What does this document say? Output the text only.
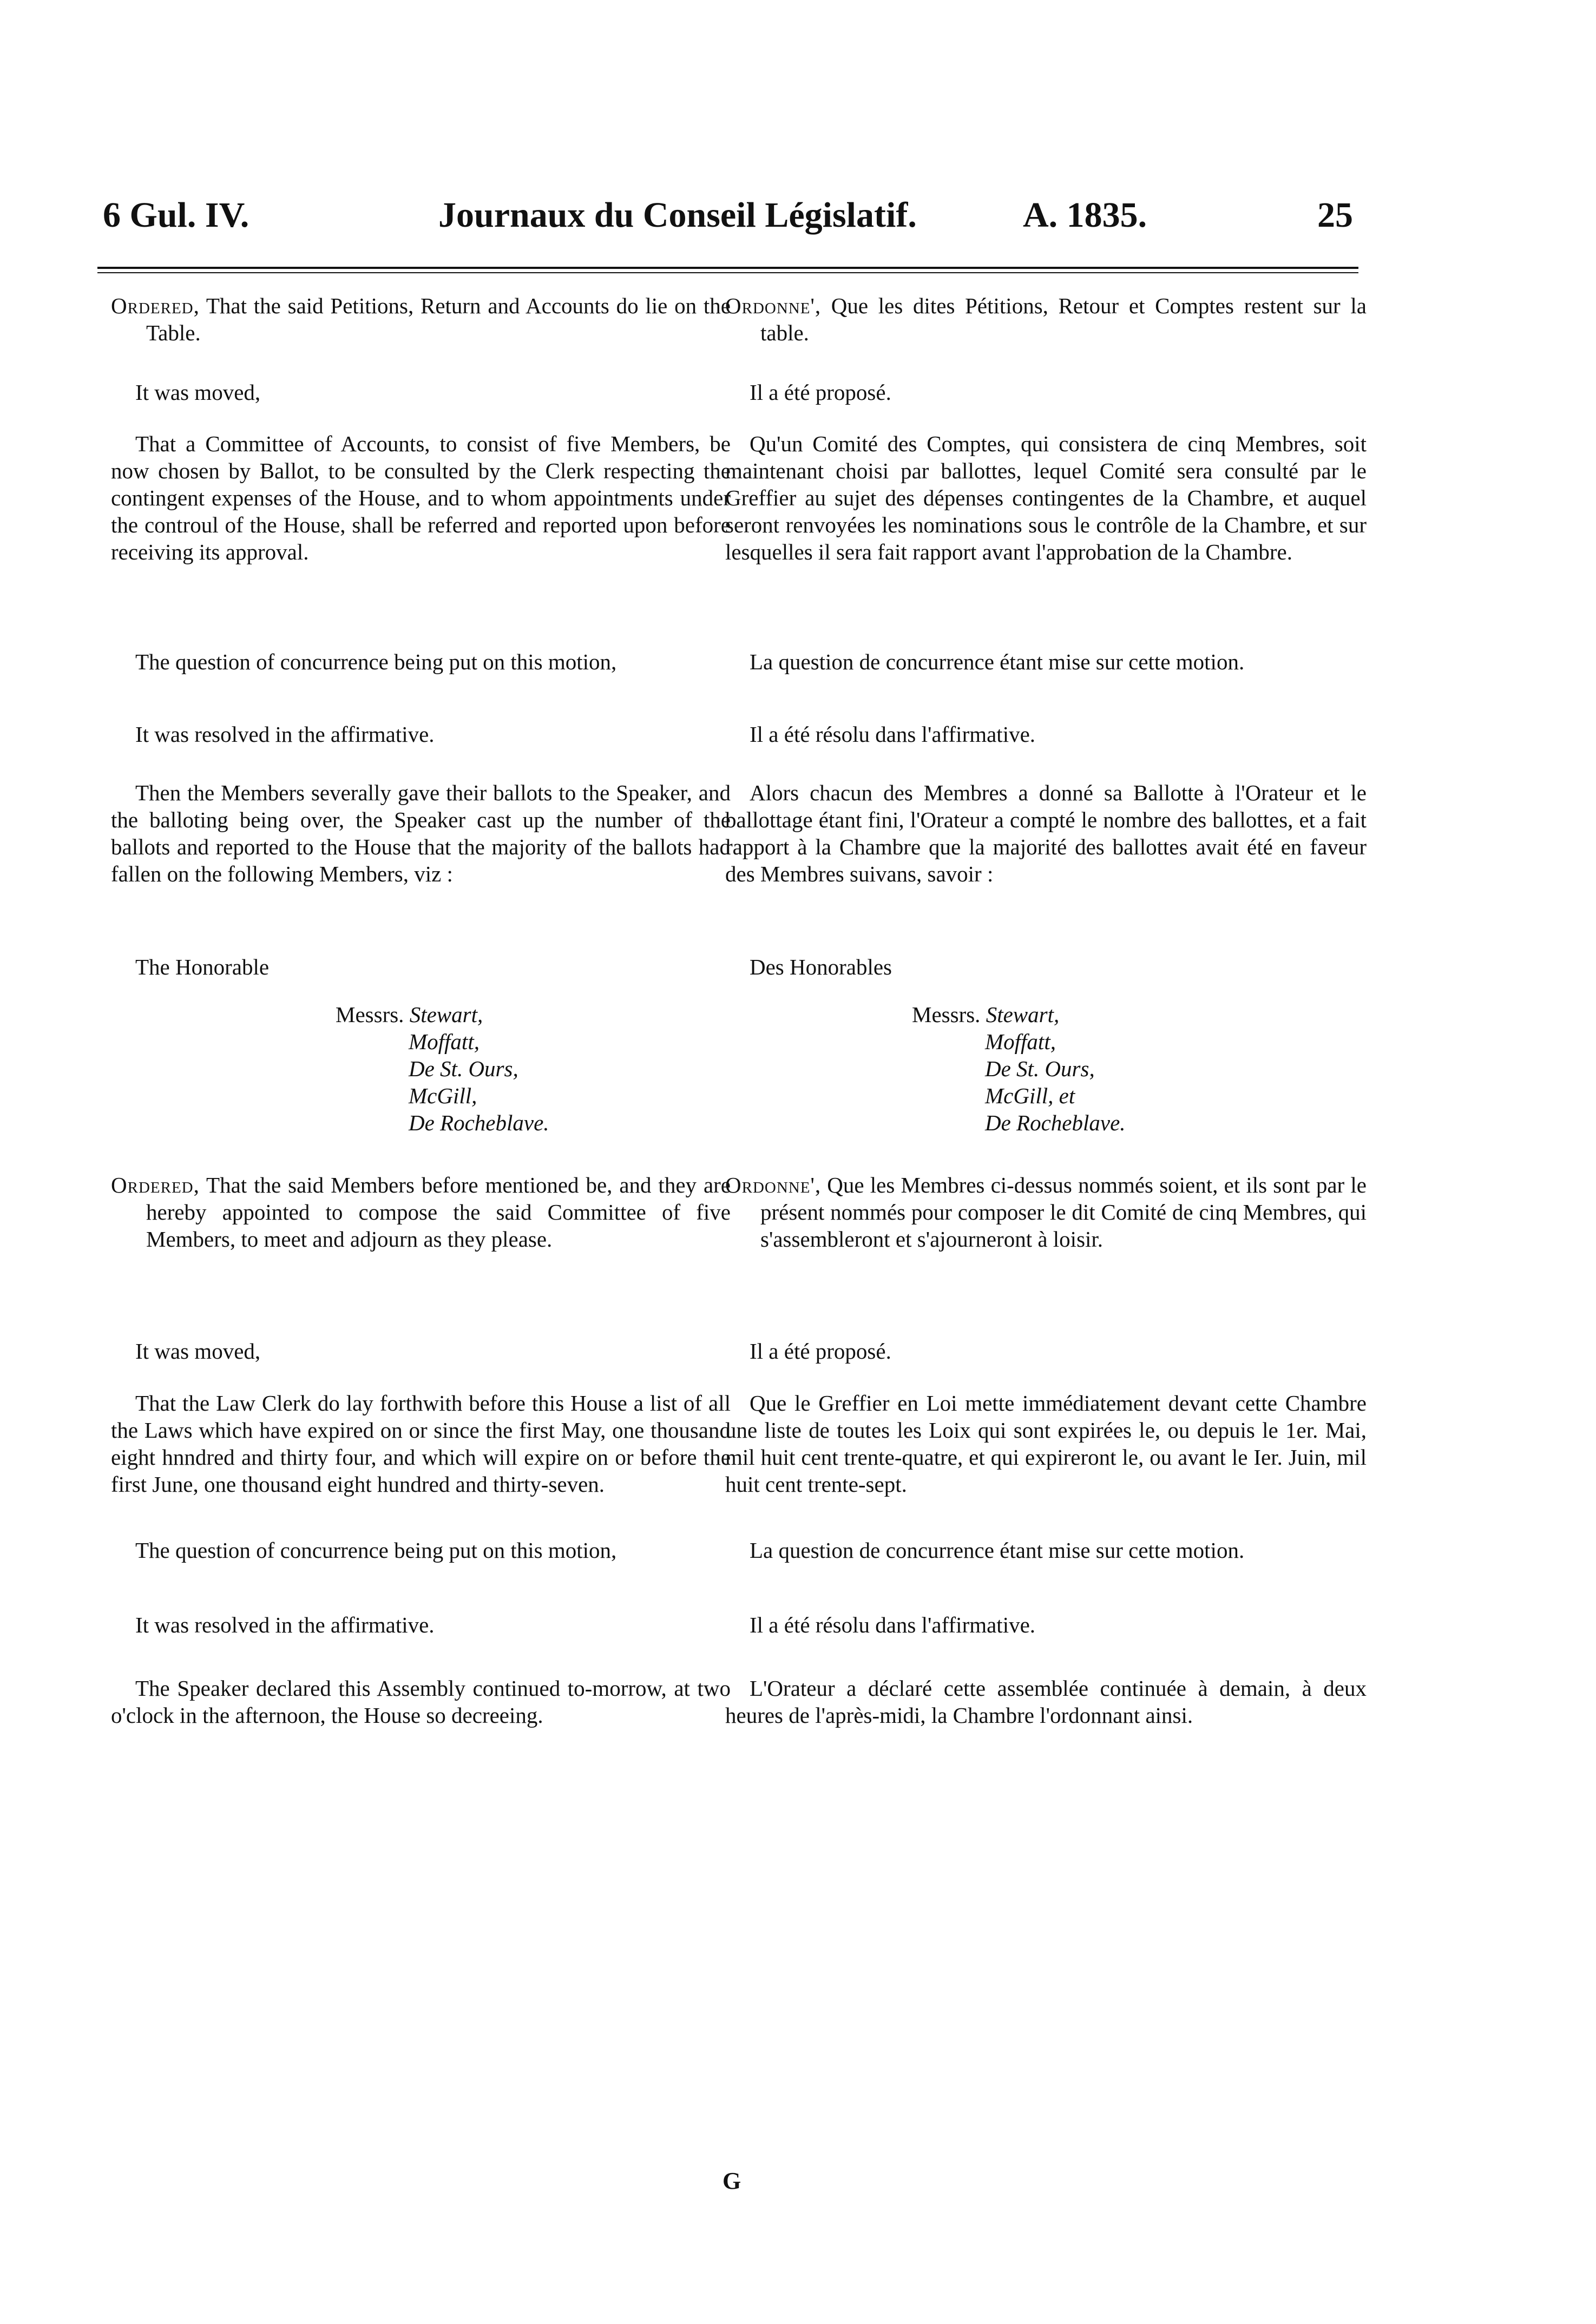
6 Gul. IV.	Journaux du Conseil Législatif.	A. 1835.	25

Ordered, That the said Petitions, Return and Accounts do lie on the Table.

It was moved,

That a Committee of Accounts, to consist of five Members, be now chosen by Ballot, to be consulted by the Clerk respecting the contingent expenses of the House, and to whom appointments under the controul of the House, shall be referred and reported upon before receiving its approval.

The question of concurrence being put on this motion,

It was resolved in the affirmative.

Then the Members severally gave their ballots to the Speaker, and the balloting being over, the Speaker cast up the number of the ballots and reported to the House that the majority of the ballots had fallen on the following Members, viz :

The Honorable

Messrs. Stewart,
Moffatt,
De St. Ours,
McGill,
De Rocheblave.

Ordered, That the said Members before mentioned be, and they are hereby appointed to compose the said Committee of five Members, to meet and adjourn as they please.

It was moved,

That the Law Clerk do lay forthwith before this House a list of all the Laws which have expired on or since the first May, one thousand eight hnndred and thirty four, and which will expire on or before the first June, one thousand eight hundred and thirty-seven.

The question of concurrence being put on this motion,

It was resolved in the affirmative.

The Speaker declared this Assembly continued to-morrow, at two o'clock in the afternoon, the House so decreeing.

Ordonne', Que les dites Pétitions, Retour et Comptes restent sur la table.

Il a été proposé.

Qu'un Comité des Comptes, qui consistera de cinq Membres, soit maintenant choisi par ballottes, lequel Comité sera consulté par le Greffier au sujet des dépenses contingentes de la Chambre, et auquel seront renvoyées les nominations sous le contrôle de la Chambre, et sur lesquelles il sera fait rapport avant l'approbation de la Chambre.

La question de concurrence étant mise sur cette motion.

Il a été résolu dans l'affirmative.

Alors chacun des Membres a donné sa Ballotte à l'Orateur et le ballottage étant fini, l'Orateur a compté le nombre des ballottes, et a fait rapport à la Chambre que la majorité des ballottes avait été en faveur des Membres suivans, savoir :

Des Honorables

Messrs. Stewart,
Moffatt,
De St. Ours,
McGill, et
De Rocheblave.

Ordonne', Que les Membres ci-dessus nommés soient, et ils sont par le présent nommés pour composer le dit Comité de cinq Membres, qui s'assembleront et s'ajourneront à loisir.

Il a été proposé.

Que le Greffier en Loi mette immédiatement devant cette Chambre une liste de toutes les Loix qui sont expirées le, ou depuis le 1er. Mai, mil huit cent trente-quatre, et qui expireront le, ou avant le Ier. Juin, mil huit cent trente-sept.

La question de concurrence étant mise sur cette motion.

Il a été résolu dans l'affirmative.

L'Orateur a déclaré cette assemblée continuée à demain, à deux heures de l'après-midi, la Chambre l'ordonnant ainsi.

G
